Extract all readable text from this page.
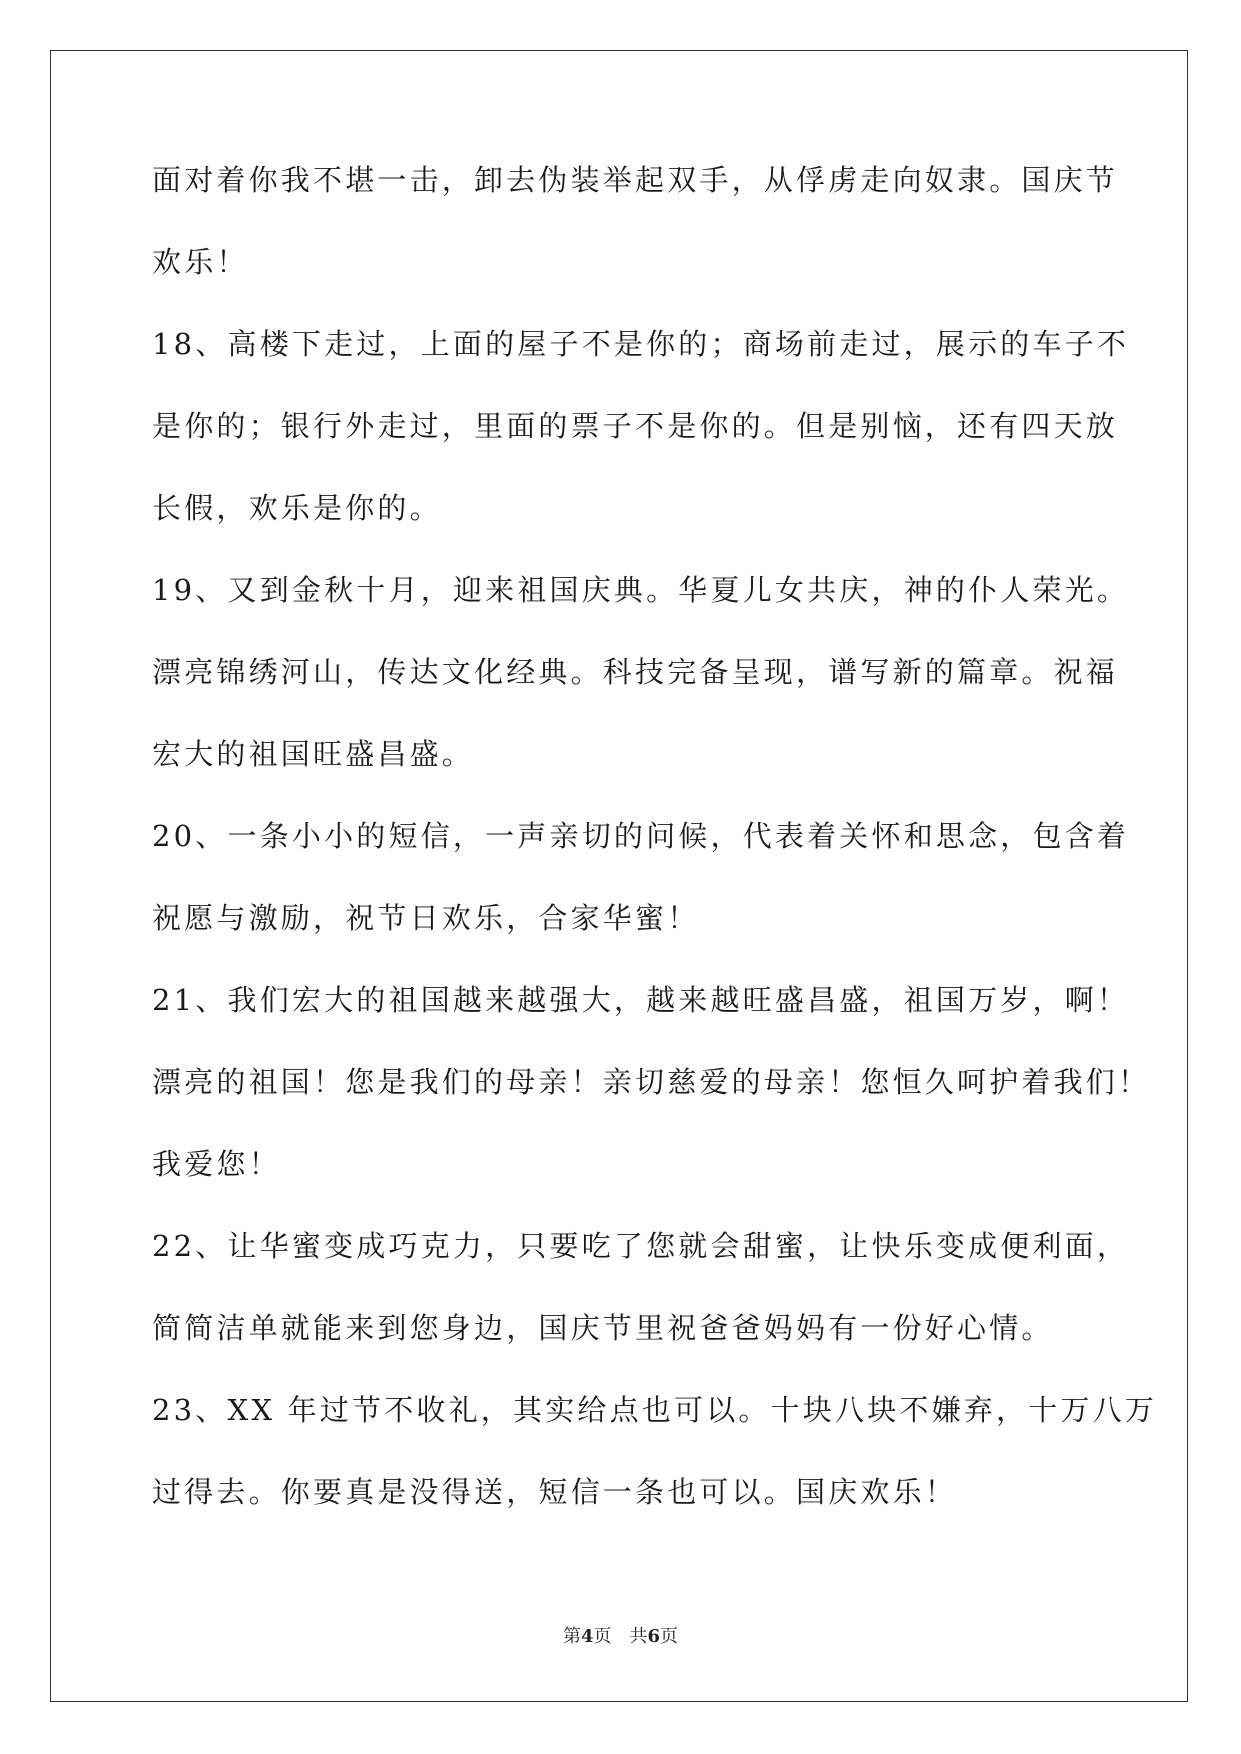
面对着你我不堪一击，卸去伪装举起双手，从俘虏走向奴隶。国庆节

欢乐！

18、高楼下走过，上面的屋子不是你的；商场前走过，展示的车子不

是你的；银行外走过，里面的票子不是你的。但是别恼，还有四天放

长假，欢乐是你的。

19、又到金秋十月，迎来祖国庆典。华夏儿女共庆，神的仆人荣光。

漂亮锦绣河山，传达文化经典。科技完备呈现，谱写新的篇章。祝福

宏大的祖国旺盛昌盛。

20、一条小小的短信，一声亲切的问候，代表着关怀和思念，包含着

祝愿与激励，祝节日欢乐，合家华蜜！

21、我们宏大的祖国越来越强大，越来越旺盛昌盛，祖国万岁，啊！

漂亮的祖国！您是我们的母亲！亲切慈爱的母亲！您恒久呵护着我们！

我爱您！

22、让华蜜变成巧克力，只要吃了您就会甜蜜，让快乐变成便利面，

简简洁单就能来到您身边，国庆节里祝爸爸妈妈有一份好心情。

23、XX 年过节不收礼，其实给点也可以。十块八块不嫌弃，十万八万

过得去。你要真是没得送，短信一条也可以。国庆欢乐！

第4页 共6页
